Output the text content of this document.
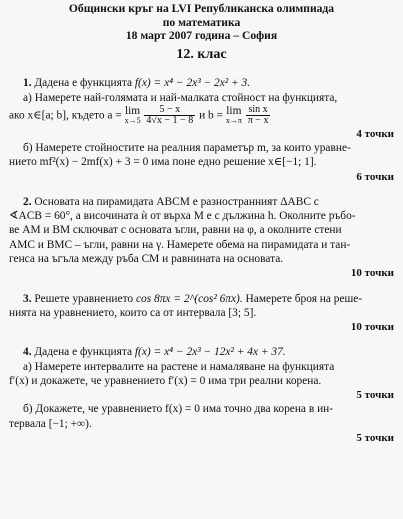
Общински кръг на LVI Републиканска олимпиада
по математика
18 март 2007 година – София
12. клас

1. Дадена е функцията f(x) = x⁴ − 2x³ − 2x² + 3.

а) Намерете най-голямата и най-малката стойност на функцията,

ако x∈[a; b], където a = lim
x→5
$\frac{5 - x}{4√x - 1 - 8}$ и b = lim
x→π
$\frac{\text{sin x}}{\pi - x}$

4 точки

б) Намерете стойностите на реалния параметър m, за които уравне-

нието mf²(x) − 2mf(x) + 3 = 0 има поне едно решение x∈[−1; 1].

6 точки

2. Основата на пирамидата ABCM е разностранният ΔABC с

∢ACB = 60°, а височината ѝ от върха M е с дължина h. Околните ръбо-

ве AM и BM сключват с основата ъгли, равни на φ, а околните стени

AMC и BMC – ъгли, равни на γ. Намерете обема на пирамидата и тан-

генса на ъгъла между ръба CM и равнината на основата.

10 точки

3. Решете уравнението cos 8πx = 2^(cos² 6πx). Намерете броя на реше-

нията на уравнението, които са от интервала [3; 5].

10 точки

4. Дадена е функцията f(x) = x⁴ − 2x³ − 12x² + 4x + 37.

а) Намерете интервалите на растене и намаляване на функцията

f′(x) и докажете, че уравнението f′(x) = 0 има три реални корена.

5 точки

б) Докажете, че уравнението f(x) = 0 има точно два корена в ин-

тервала [−1; +∞).

5 точки
